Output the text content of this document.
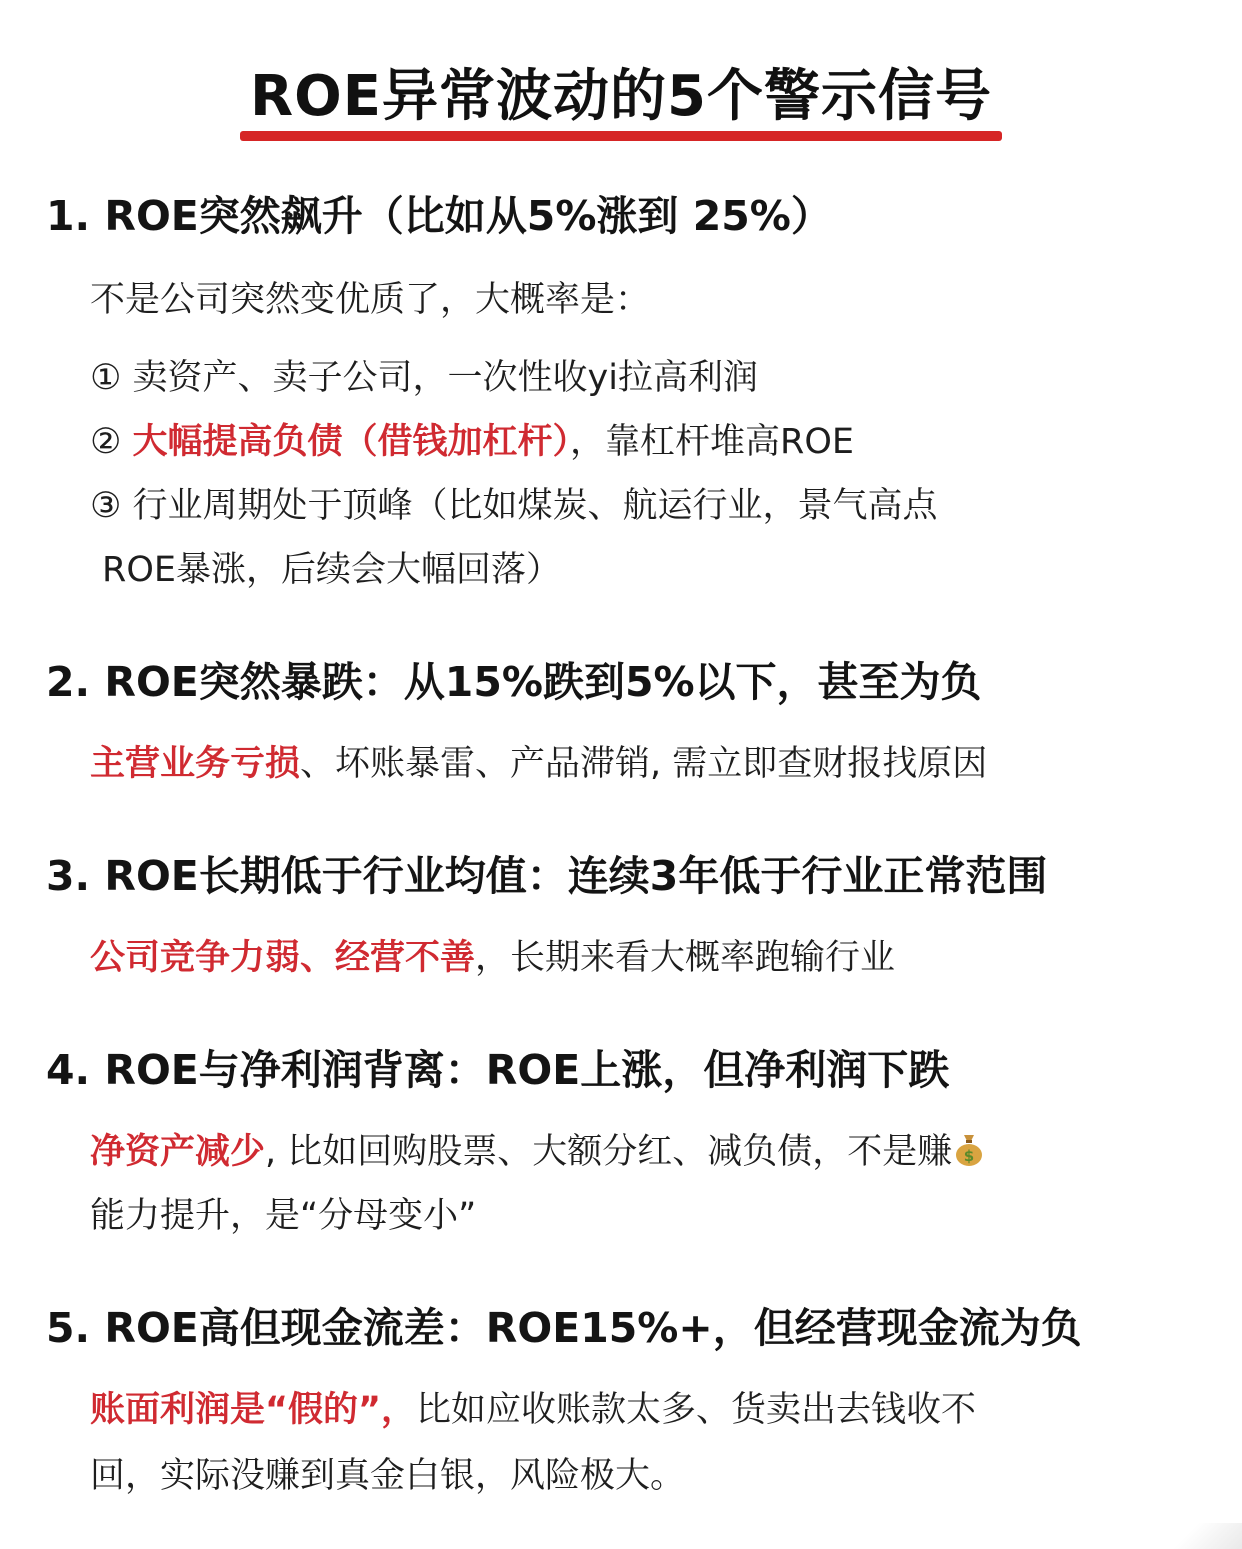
ROE异常波动的5个警示信号
1. ROE突然飙升（比如从5%涨到 25%）
不是公司突然变优质了，大概率是：
① 卖资产、卖子公司，一次性收yi拉高利润
② 大幅提高负债（借钱加杠杆），靠杠杆堆高ROE
③ 行业周期处于顶峰（比如煤炭、航运行业，景气高点
ROE暴涨，后续会大幅回落）
2. ROE突然暴跌：从15%跌到5%以下，甚至为负
主营业务亏损、坏账暴雷、产品滞销, 需立即查财报找原因
3. ROE长期低于行业均值：连续3年低于行业正常范围
公司竞争力弱、经营不善，长期来看大概率跑输行业
4. ROE与净利润背离：ROE上涨，但净利润下跌
净资产减少, 比如回购股票、大额分红、减负债，不是赚 $
能力提升，是“分母变小”
5. ROE高但现金流差：ROE15%+，但经营现金流为负
账面利润是“假的”，比如应收账款太多、货卖出去钱收不
回，实际没赚到真金白银，风险极大。
